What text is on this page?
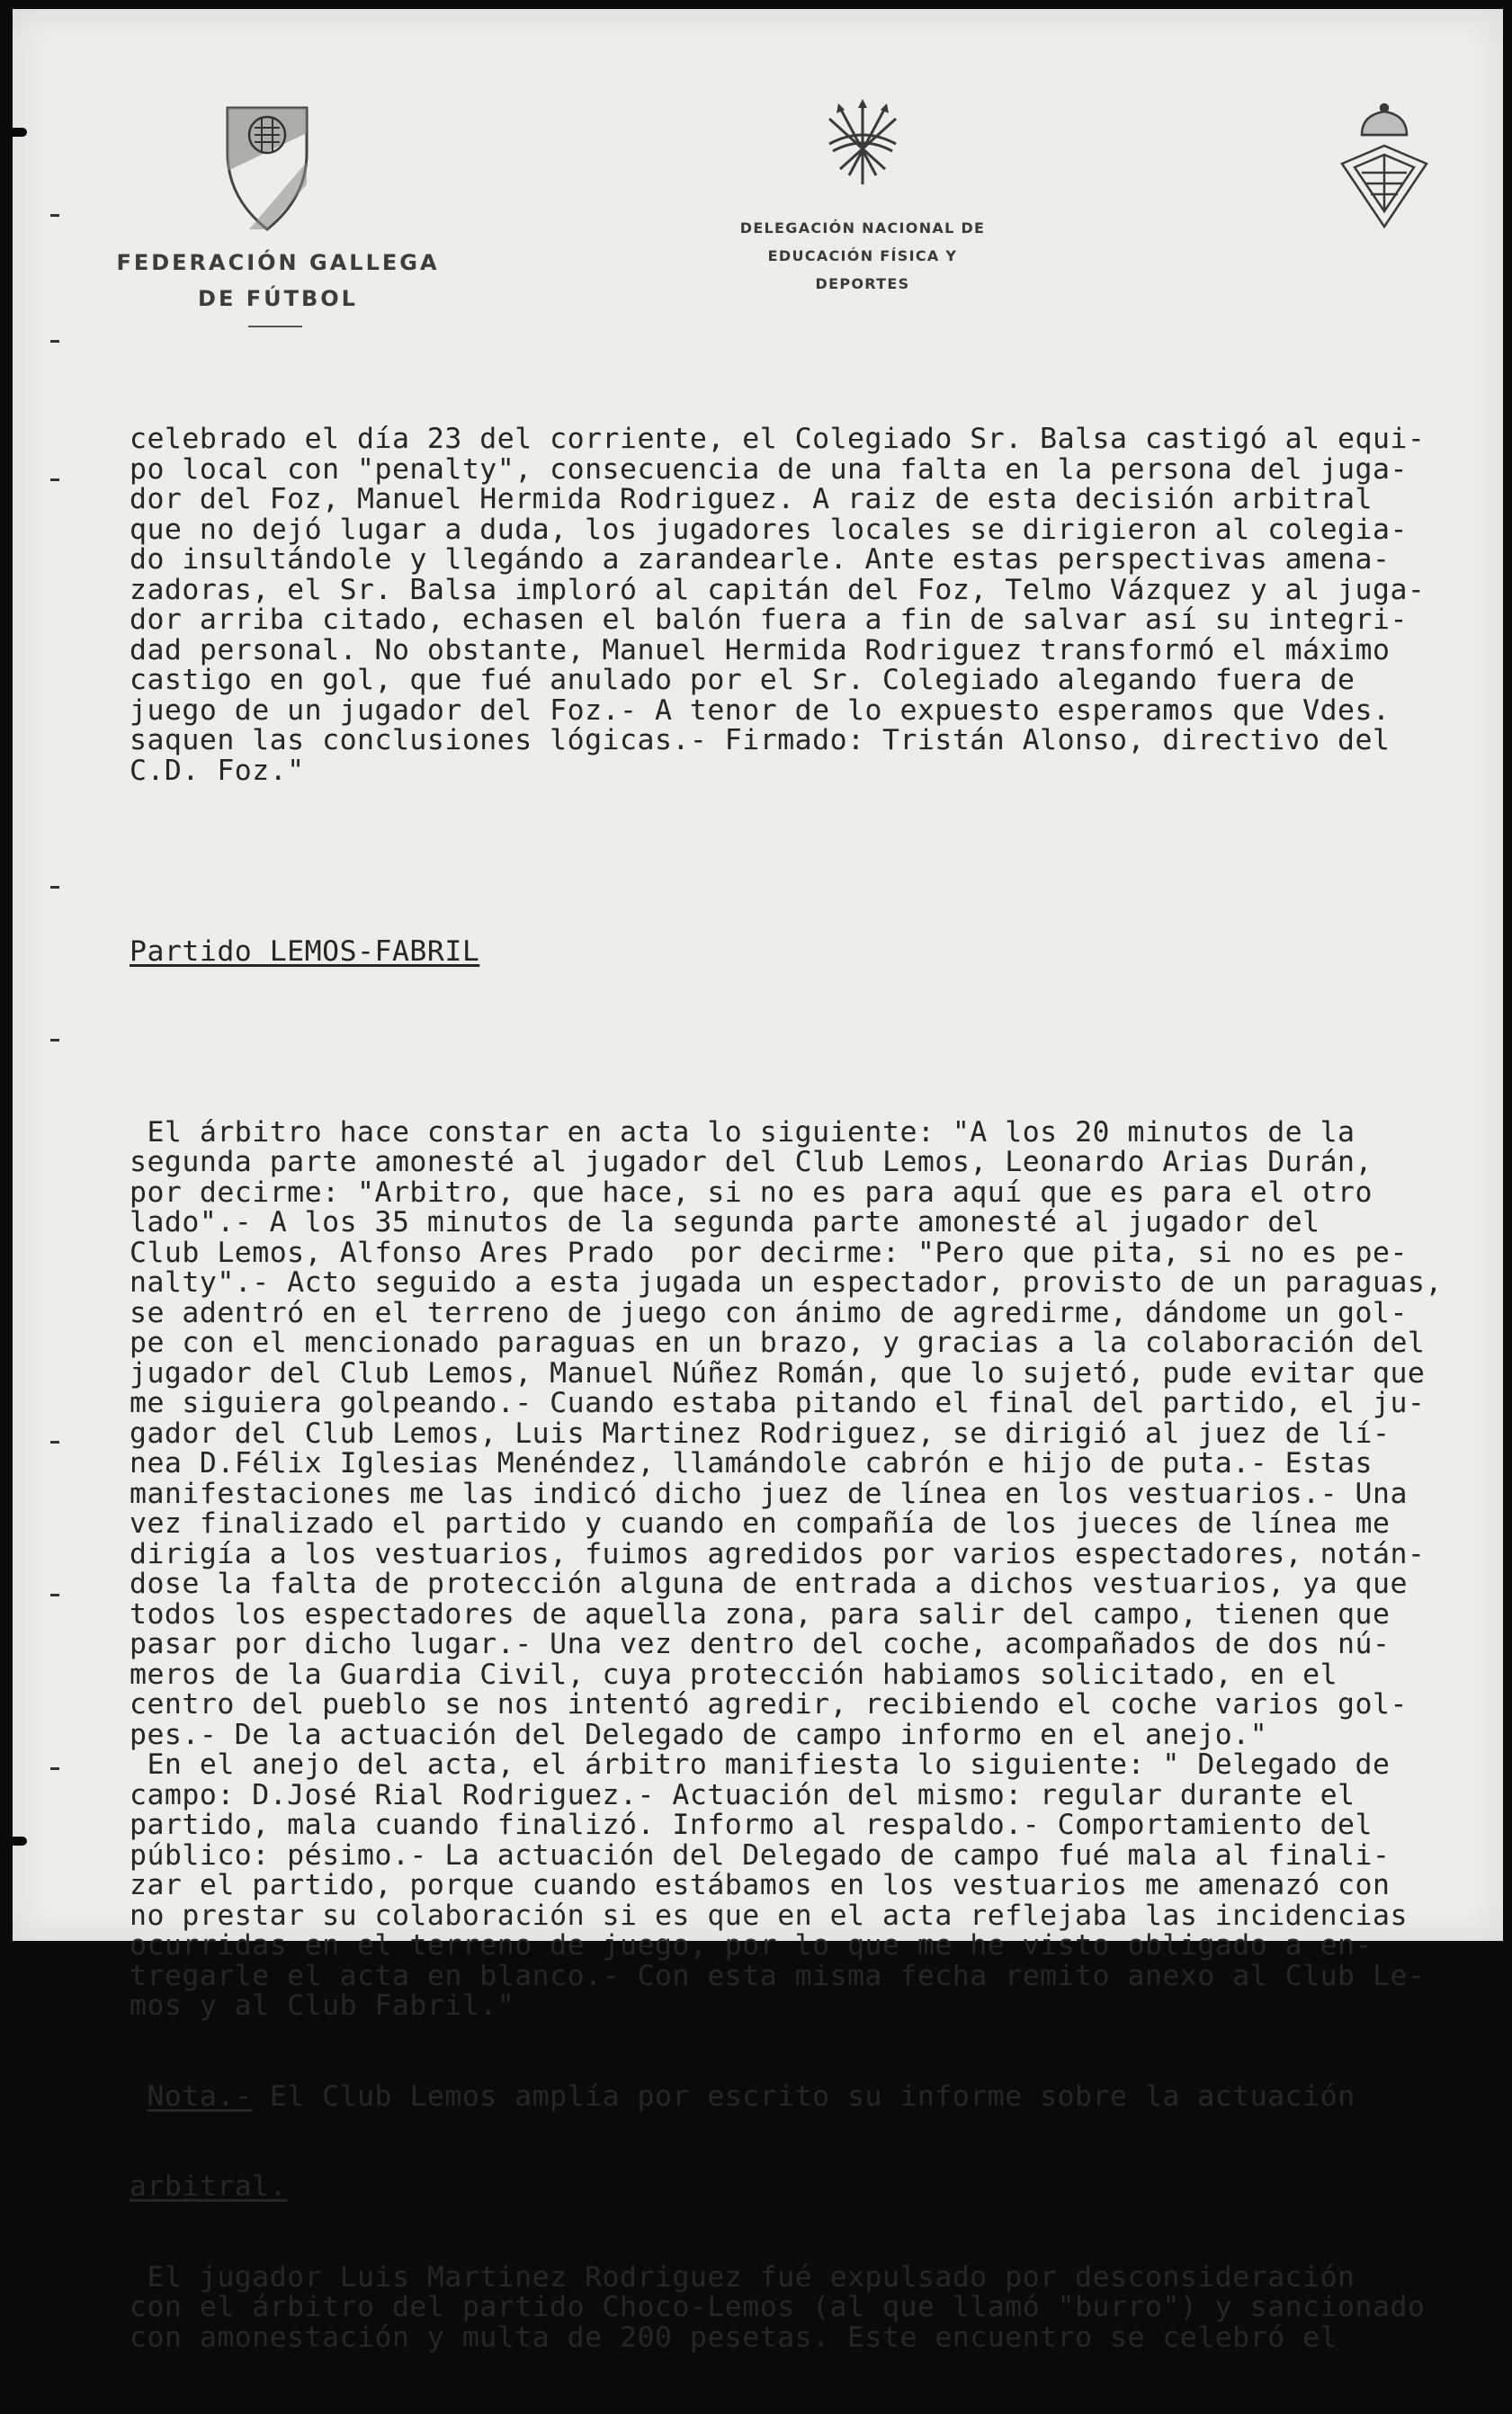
FEDERACIÓN GALLEGA
DE FÚTBOL
DELEGACIÓN NACIONAL DE
EDUCACIÓN FÍSICA Y DEPORTES

celebrado el día 23 del corriente, el Colegiado Sr. Balsa castigó al equi-
po local con "penalty", consecuencia de una falta en la persona del juga-
dor del Foz, Manuel Hermida Rodriguez. A raiz de esta decisión arbitral
que no dejó lugar a duda, los jugadores locales se dirigieron al colegia-
do insultándole y llegándo a zarandearle. Ante estas perspectivas amena-
zadoras, el Sr. Balsa imploró al capitán del Foz, Telmo Vázquez y al juga-
dor arriba citado, echasen el balón fuera a fin de salvar así su integri-
dad personal. No obstante, Manuel Hermida Rodriguez transformó el máximo
castigo en gol, que fué anulado por el Sr. Colegiado alegando fuera de
juego de un jugador del Foz.- A tenor de lo expuesto esperamos que Vdes.
saquen las conclusiones lógicas.- Firmado: Tristán Alonso, directivo del
C.D. Foz."

Partido LEMOS-FABRIL

El árbitro hace constar en acta lo siguiente: "A los 20 minutos de la
segunda parte amonesté al jugador del Club Lemos, Leonardo Arias Durán,
por decirme: "Arbitro, que hace, si no es para aquí que es para el otro
lado".- A los 35 minutos de la segunda parte amonesté al jugador del
Club Lemos, Alfonso Ares Prado  por decirme: "Pero que pita, si no es pe-
nalty".- Acto seguido a esta jugada un espectador, provisto de un paraguas,
se adentró en el terreno de juego con ánimo de agredirme, dándome un gol-
pe con el mencionado paraguas en un brazo, y gracias a la colaboración del
jugador del Club Lemos, Manuel Núñez Román, que lo sujetó, pude evitar que
me siguiera golpeando.- Cuando estaba pitando el final del partido, el ju-
gador del Club Lemos, Luis Martinez Rodriguez, se dirigió al juez de lí-
nea D.Félix Iglesias Menéndez, llamándole cabrón e hijo de puta.- Estas
manifestaciones me las indicó dicho juez de línea en los vestuarios.- Una
vez finalizado el partido y cuando en compañía de los jueces de línea me
dirigía a los vestuarios, fuimos agredidos por varios espectadores, notán-
dose la falta de protección alguna de entrada a dichos vestuarios, ya que
todos los espectadores de aquella zona, para salir del campo, tienen que
pasar por dicho lugar.- Una vez dentro del coche, acompañados de dos nú-
meros de la Guardia Civil, cuya protección habiamos solicitado, en el
centro del pueblo se nos intentó agredir, recibiendo el coche varios gol-
pes.- De la actuación del Delegado de campo informo en el anejo."
En el anejo del acta, el árbitro manifiesta lo siguiente: " Delegado de
campo: D.José Rial Rodriguez.- Actuación del mismo: regular durante el
partido, mala cuando finalizó. Informo al respaldo.- Comportamiento del
público: pésimo.- La actuación del Delegado de campo fué mala al finali-
zar el partido, porque cuando estábamos en los vestuarios me amenazó con
no prestar su colaboración si es que en el acta reflejaba las incidencias
ocurridas en el terreno de juego, por lo que me he visto obligado a en-
tregarle el acta en blanco.- Con esta misma fecha remito anexo al Club Le-
mos y al Club Fabril."

Nota.- El Club Lemos amplía por escrito su informe sobre la actuación

arbitral.

El jugador Luis Martinez Rodriguez fué expulsado por desconsideración
con el árbitro del partido Choco-Lemos (al que llamó "burro") y sancionado
con amonestación y multa de 200 pesetas. Este encuentro se celebró el
